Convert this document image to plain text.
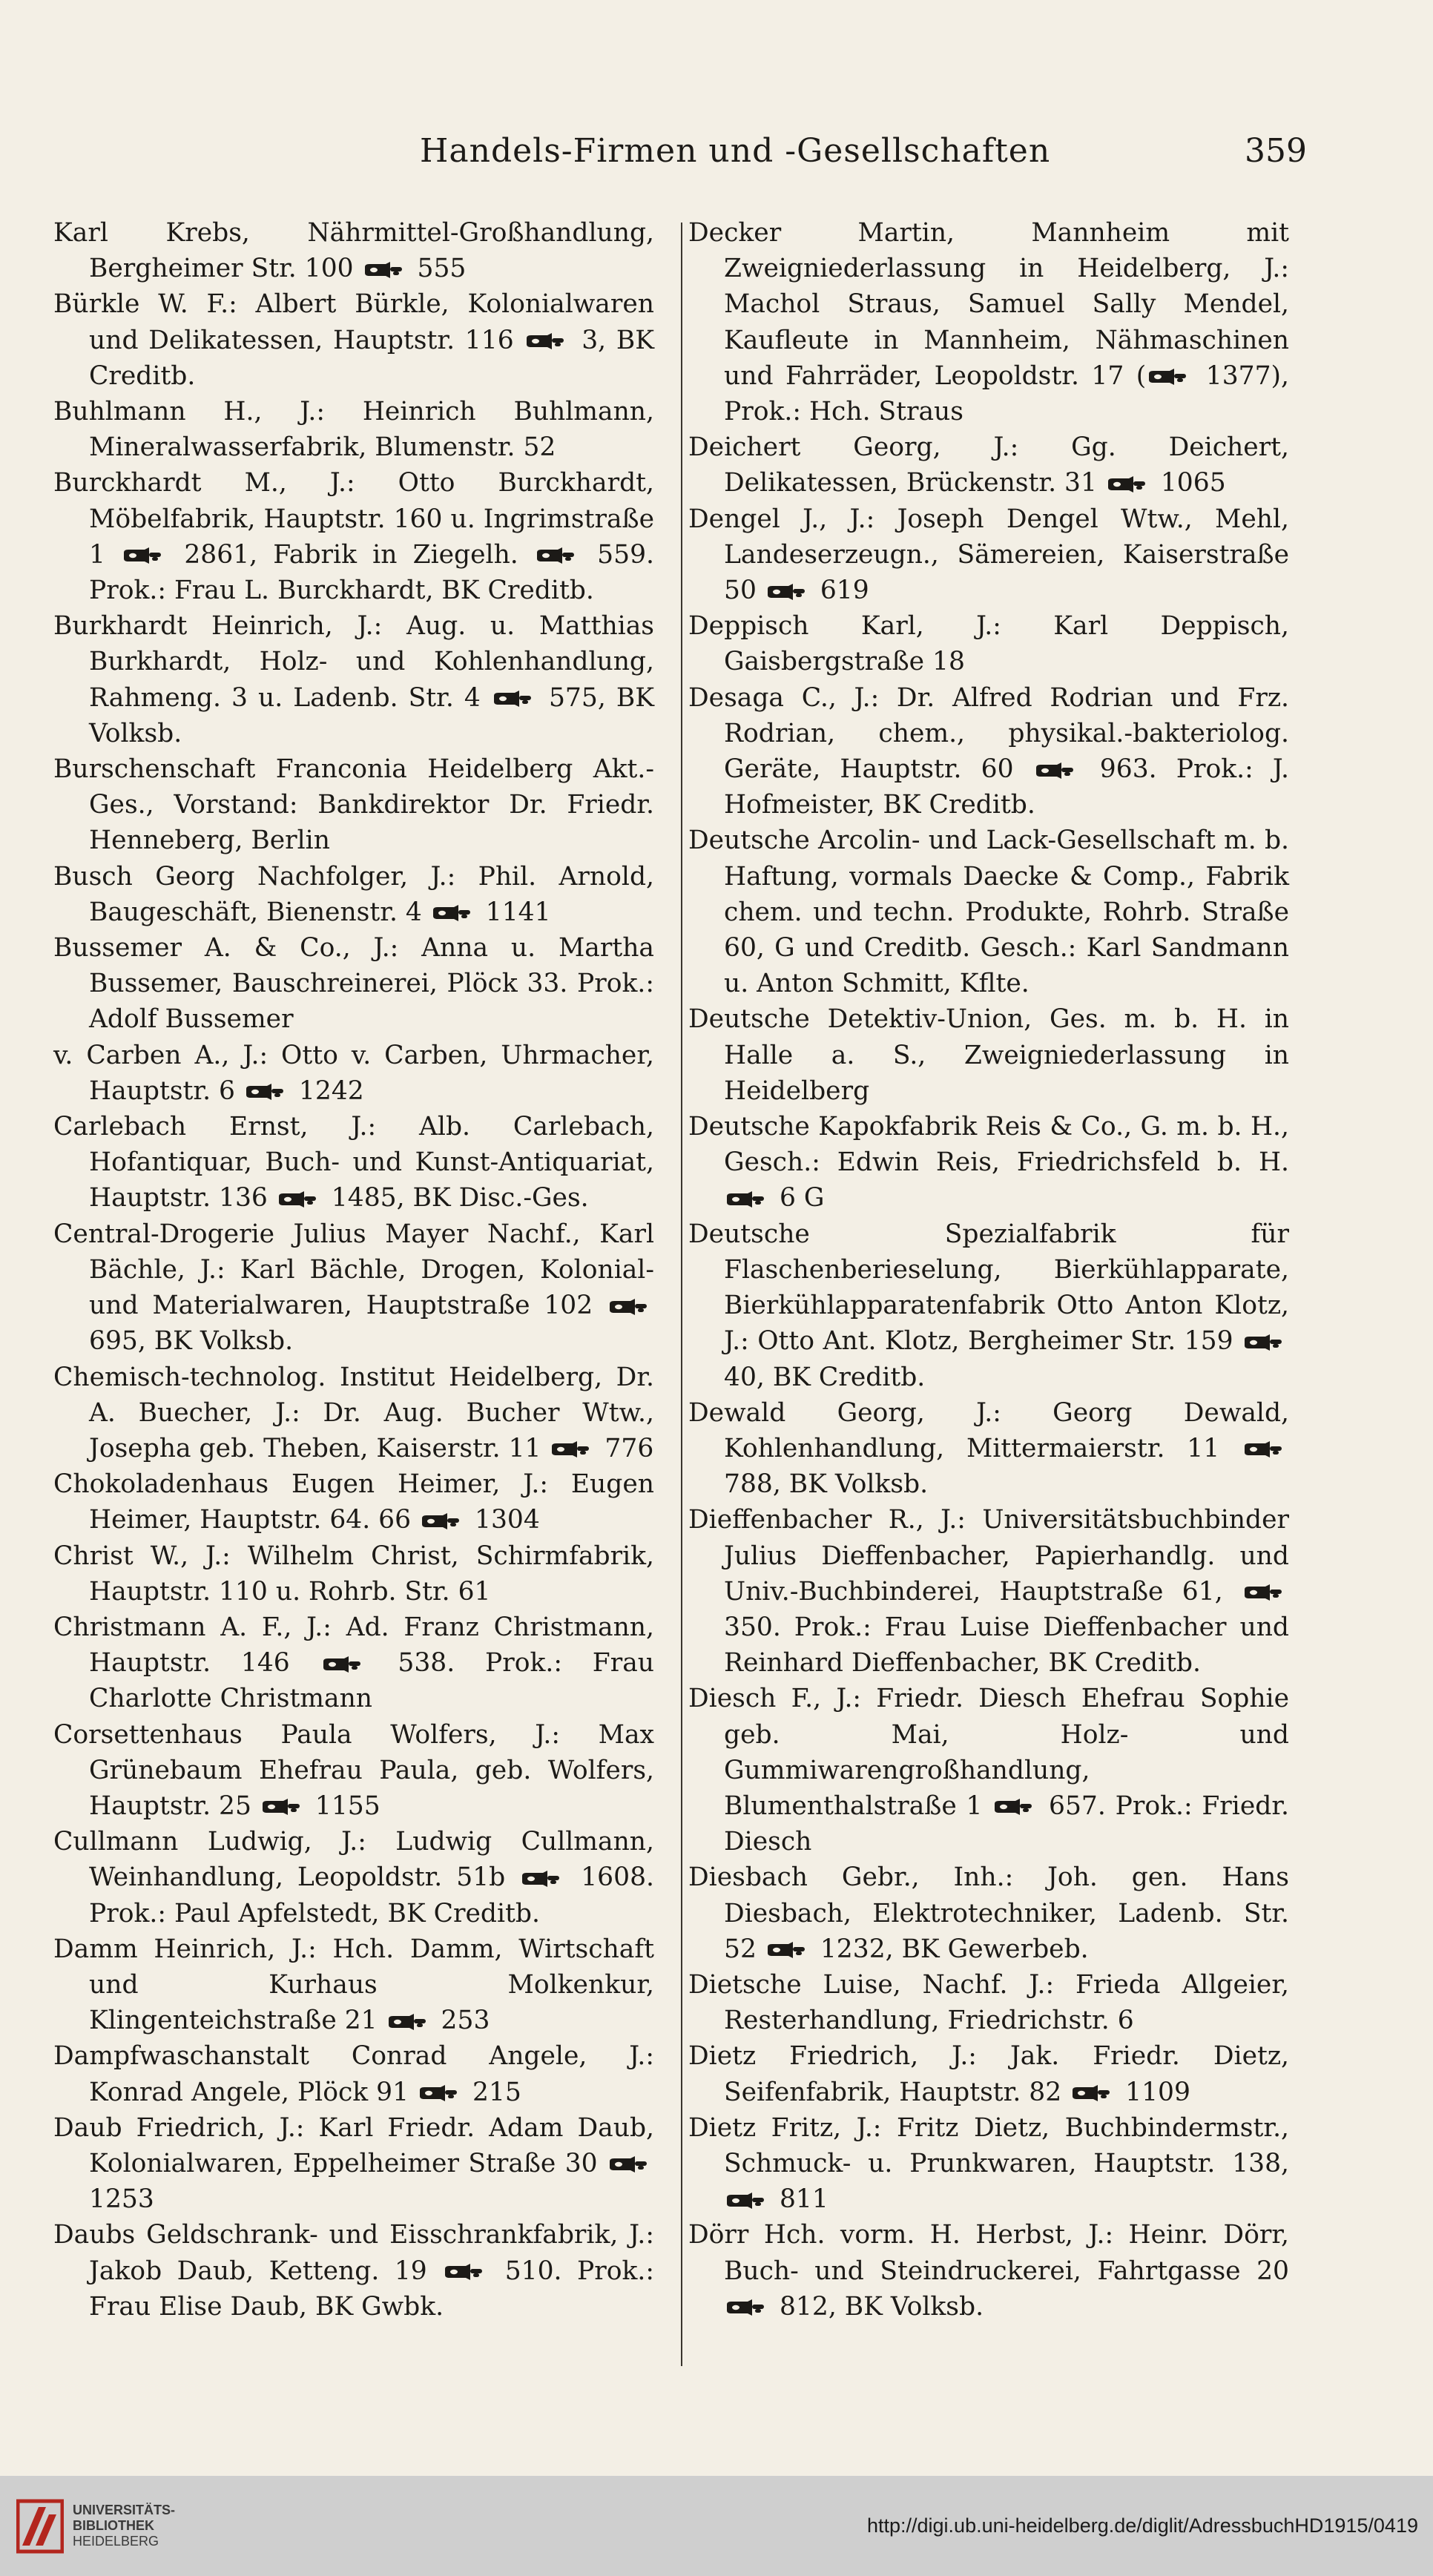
Handels-Firmen und -Gesellschaften	359

Karl Krebs, Nährmittel-Großhandlung, Bergheimer Str. 100
555

Bürkle W. F.: Albert Bürkle, Kolonialwaren und Delikatessen, Hauptstr. 116
3, BK Creditb.

Buhlmann H., J.: Heinrich Buhlmann, Mineralwasserfabrik, Blumenstr. 52

Burckhardt M., J.: Otto Burckhardt, Möbelfabrik, Hauptstr. 160 u. Ingrimstraße 1
2861, Fabrik in Ziegelh.
559. Prok.: Frau L. Burckhardt, BK Creditb.

Burkhardt Heinrich, J.: Aug. u. Matthias Burkhardt, Holz- und Kohlenhandlung, Rahmeng. 3 u. Ladenb. Str. 4
575, BK Volksb.

Burschenschaft Franconia Heidelberg Akt.-Ges., Vorstand: Bankdirektor Dr. Friedr. Henneberg, Berlin

Busch Georg Nachfolger, J.: Phil. Arnold, Baugeschäft, Bienenstr. 4
1141

Bussemer A. & Co., J.: Anna u. Martha Bussemer, Bauschreinerei, Plöck 33. Prok.: Adolf Bussemer

v. Carben A., J.: Otto v. Carben, Uhrmacher, Hauptstr. 6
1242

Carlebach Ernst, J.: Alb. Carlebach, Hofantiquar, Buch- und Kunst-Antiquariat, Hauptstr. 136
1485, BK Disc.-Ges.

Central-Drogerie Julius Mayer Nachf., Karl Bächle, J.: Karl Bächle, Drogen, Kolonial- und Materialwaren, Hauptstraße 102
695, BK Volksb.

Chemisch-technolog. Institut Heidelberg, Dr. A. Buecher, J.: Dr. Aug. Bucher Wtw., Josepha geb. Theben, Kaiserstr. 11
776

Chokoladenhaus Eugen Heimer, J.: Eugen Heimer, Hauptstr. 64. 66
1304

Christ W., J.: Wilhelm Christ, Schirmfabrik, Hauptstr. 110 u. Rohrb. Str. 61

Christmann A. F., J.: Ad. Franz Christmann, Hauptstr. 146
538. Prok.: Frau Charlotte Christmann

Corsettenhaus Paula Wolfers, J.: Max Grünebaum Ehefrau Paula, geb. Wolfers, Hauptstr. 25
1155

Cullmann Ludwig, J.: Ludwig Cullmann, Weinhandlung, Leopoldstr. 51b
1608. Prok.: Paul Apfelstedt, BK Creditb.

Damm Heinrich, J.: Hch. Damm, Wirtschaft und Kurhaus Molkenkur, Klingenteichstraße 21
253

Dampfwaschanstalt Conrad Angele, J.: Konrad Angele, Plöck 91
215

Daub Friedrich, J.: Karl Friedr. Adam Daub, Kolonialwaren, Eppelheimer Straße 30
1253

Daubs Geldschrank- und Eisschrankfabrik, J.: Jakob Daub, Ketteng. 19
510. Prok.: Frau Elise Daub, BK Gwbk.

Decker Martin, Mannheim mit Zweigniederlassung in Heidelberg, J.: Machol Straus, Samuel Sally Mendel, Kaufleute in Mannheim, Nähmaschinen und Fahrräder, Leopoldstr. 17 (
1377), Prok.: Hch. Straus

Deichert Georg, J.: Gg. Deichert, Delikatessen, Brückenstr. 31
1065

Dengel J., J.: Joseph Dengel Wtw., Mehl, Landeserzeugn., Sämereien, Kaiserstraße 50
619

Deppisch Karl, J.: Karl Deppisch, Gaisbergstraße 18

Desaga C., J.: Dr. Alfred Rodrian und Frz. Rodrian, chem., physikal.-bakteriolog. Geräte, Hauptstr. 60
963. Prok.: J. Hofmeister, BK Creditb.

Deutsche Arcolin- und Lack-Gesellschaft m. b. Haftung, vormals Daecke & Comp., Fabrik chem. und techn. Produkte, Rohrb. Straße 60, G und Creditb. Gesch.: Karl Sandmann u. Anton Schmitt, Kfltе.

Deutsche Detektiv-Union, Ges. m. b. H. in Halle a. S., Zweigniederlassung in Heidelberg

Deutsche Kapokfabrik Reis & Co., G. m. b. H., Gesch.: Edwin Reis, Friedrichsfeld b. H.
6 G

Deutsche Spezialfabrik für Flaschenberieselung, Bierkühlapparate, Bierkühlapparatenfabrik Otto Anton Klotz, J.: Otto Ant. Klotz, Bergheimer Str. 159
40, BK Creditb.

Dewald Georg, J.: Georg Dewald, Kohlenhandlung, Mittermaierstr. 11
788, BK Volksb.

Dieffenbacher R., J.: Universitätsbuchbinder Julius Dieffenbacher, Papierhandlg. und Univ.-Buchbinderei, Hauptstraße 61,
350. Prok.: Frau Luise Dieffenbacher und Reinhard Dieffenbacher, BK Creditb.

Diesch F., J.: Friedr. Diesch Ehefrau Sophie geb. Mai, Holz- und Gummiwarengroßhandlung, Blumenthalstraße 1
657. Prok.: Friedr. Diesch

Diesbach Gebr., Inh.: Joh. gen. Hans Diesbach, Elektrotechniker, Ladenb. Str. 52
1232, BK Gewerbeb.

Dietsche Luise, Nachf. J.: Frieda Allgeier, Resterhandlung, Friedrichstr. 6

Dietz Friedrich, J.: Jak. Friedr. Dietz, Seifenfabrik, Hauptstr. 82
1109

Dietz Fritz, J.: Fritz Dietz, Buchbindermstr., Schmuck- u. Prunkwaren, Hauptstr. 138,
811

Dörr Hch. vorm. H. Herbst, J.: Heinr. Dörr, Buch- und Steindruckerei, Fahrtgasse 20
812, BK Volksb.

UNIVERSITÄTS-
BIBLIOTHEK
HEIDELBERG
http://digi.ub.uni-heidelberg.de/diglit/AdressbuchHD1915/0419
